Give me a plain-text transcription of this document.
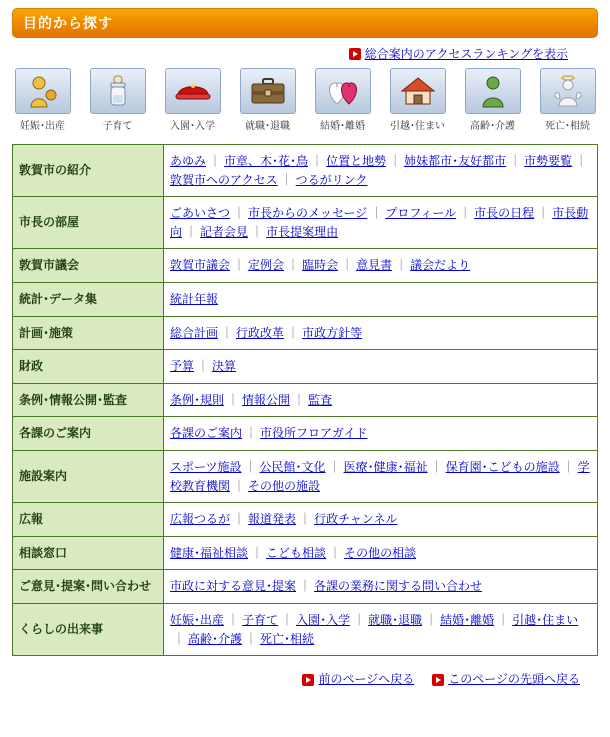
目的から探す
総合案内のアクセスランキングを表示
妊娠･出産	子育て	入園･入学	就職･退職	結婚･離婚	引越･住まい	高齢･介護	死亡･相続
敦賀市の紹介	あゆみ ｜ 市章、木･花･鳥 ｜ 位置と地勢 ｜ 姉妹都市･友好都市 ｜ 市勢要覧 ｜敦賀市へのアクセス ｜ つるがリンク
市長の部屋	ごあいさつ ｜ 市長からのメッセージ ｜ プロフィール ｜ 市長の日程 ｜ 市長動向 ｜ 記者会見 ｜ 市長提案理由
敦賀市議会	敦賀市議会 ｜ 定例会 ｜ 臨時会 ｜ 意見書 ｜ 議会だより
統計･データ集	統計年報
計画･施策	総合計画 ｜ 行政改革 ｜ 市政方針等
財政	予算 ｜ 決算
条例･情報公開･監査	条例･規則 ｜ 情報公開 ｜ 監査
各課のご案内	各課のご案内 ｜ 市役所フロアガイド
施設案内	スポーツ施設 ｜ 公民館･文化 ｜ 医療･健康･福祉 ｜ 保育園･こどもの施設 ｜ 学校教育機関 ｜ その他の施設
広報	広報つるが ｜ 報道発表 ｜ 行政チャンネル
相談窓口	健康･福祉相談 ｜ こども相談 ｜ その他の相談
ご意見･提案･問い合わせ	市政に対する意見･提案 ｜ 各課の業務に関する問い合わせ
くらしの出来事	妊娠･出産 ｜ 子育て ｜ 入園･入学 ｜ 就職･退職 ｜ 結婚･離婚 ｜ 引越･住まい｜ 高齢･介護 ｜ 死亡･相続
前のページへ戻る	このページの先頭へ戻る
